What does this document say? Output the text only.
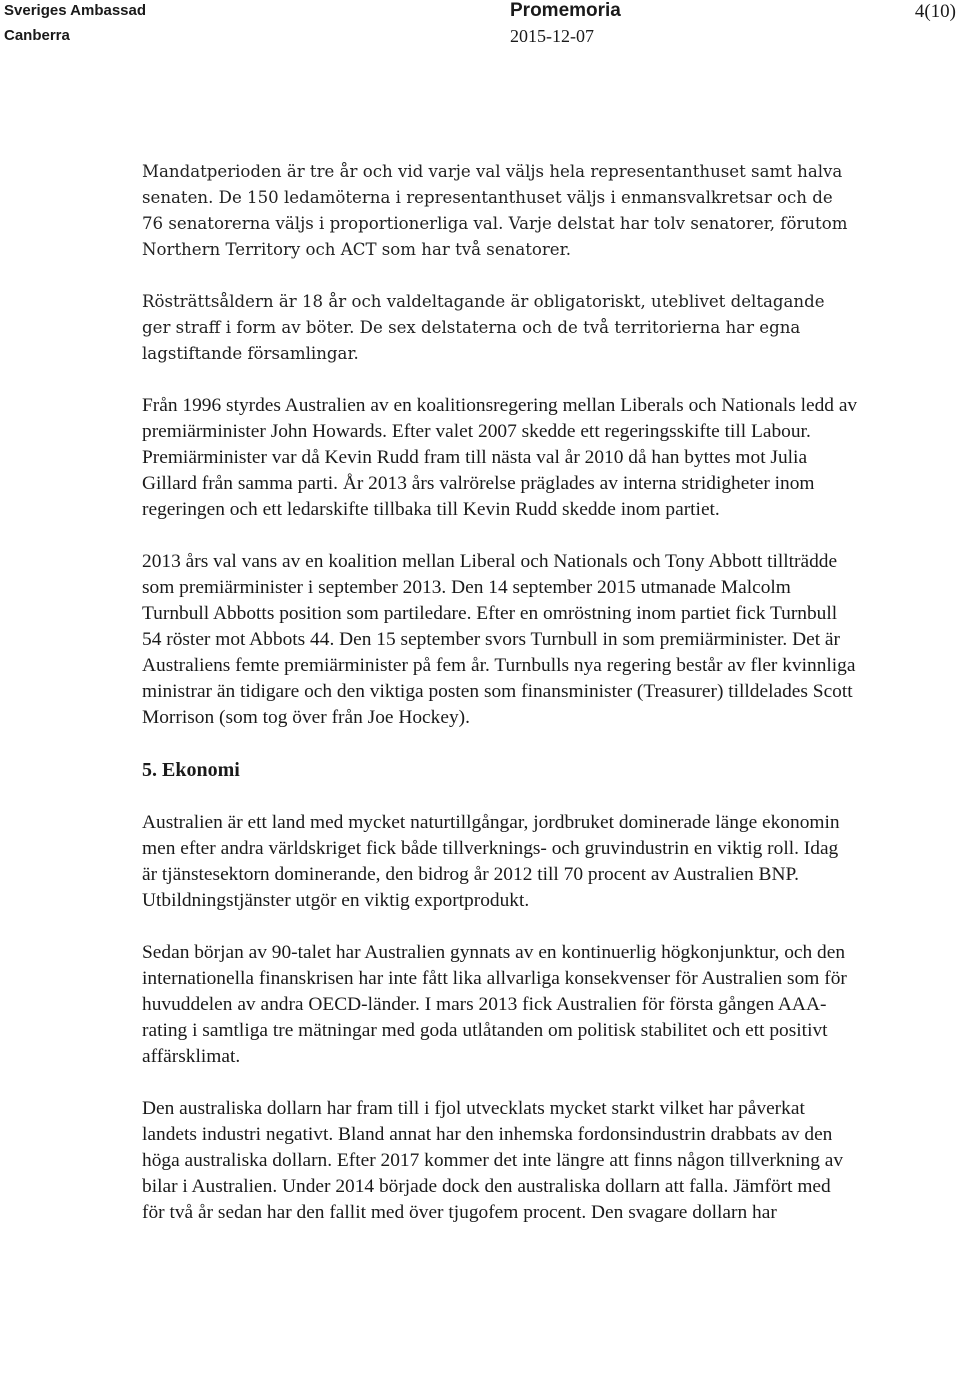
Sveriges Ambassad

Canberra

Promemoria

2015-12-07

4(10)

Mandatperioden är tre år och vid varje val väljs hela representanthuset samt halva senaten. De 150 ledamöterna i representanthuset väljs i enmansvalkretsar och de 76 senatorerna väljs i proportionerliga val. Varje delstat har tolv senatorer, förutom Northern Territory och ACT som har två senatorer.

Rösträttsåldern är 18 år och valdeltagande är obligatoriskt, uteblivet deltagande ger straff i form av böter. De sex delstaterna och de två territorierna har egna lagstiftande församlingar.

Från 1996 styrdes Australien av en koalitionsregering mellan Liberals och Nationals ledd av premiärminister John Howards. Efter valet 2007 skedde ett regeringsskifte till Labour. Premiärminister var då Kevin Rudd fram till nästa val år 2010 då han byttes mot Julia Gillard från samma parti. År 2013 års valrörelse präglades av interna stridigheter inom regeringen och ett ledarskifte tillbaka till Kevin Rudd skedde inom partiet.

2013 års val vans av en koalition mellan Liberal och Nationals och Tony Abbott tillträdde som premiärminister i september 2013. Den 14 september 2015 utmanade Malcolm Turnbull Abbotts position som partiledare. Efter en omröstning inom partiet fick Turnbull 54 röster mot Abbots 44. Den 15 september svors Turnbull in som premiärminister. Det är Australiens femte premiärminister på fem år. Turnbulls nya regering består av fler kvinnliga ministrar än tidigare och den viktiga posten som finansminister (Treasurer) tilldelades Scott Morrison (som tog över från Joe Hockey).

5. Ekonomi

Australien är ett land med mycket naturtillgångar, jordbruket dominerade länge ekonomin men efter andra världskriget fick både tillverknings- och gruvindustrin en viktig roll. Idag är tjänstesektorn dominerande, den bidrog år 2012 till 70 procent av Australien BNP. Utbildningstjänster utgör en viktig exportprodukt.

Sedan början av 90-talet har Australien gynnats av en kontinuerlig högkonjunktur, och den internationella finanskrisen har inte fått lika allvarliga konsekvenser för Australien som för huvuddelen av andra OECD-länder. I mars 2013 fick Australien för första gången AAA-rating i samtliga tre mätningar med goda utlåtanden om politisk stabilitet och ett positivt affärsklimat.

Den australiska dollarn har fram till i fjol utvecklats mycket starkt vilket har påverkat landets industri negativt. Bland annat har den inhemska fordonsindustrin drabbats av den höga australiska dollarn. Efter 2017 kommer det inte längre att finns någon tillverkning av bilar i Australien. Under 2014 började dock den australiska dollarn att falla. Jämfört med för två år sedan har den fallit med över tjugofem procent. Den svagare dollarn har
